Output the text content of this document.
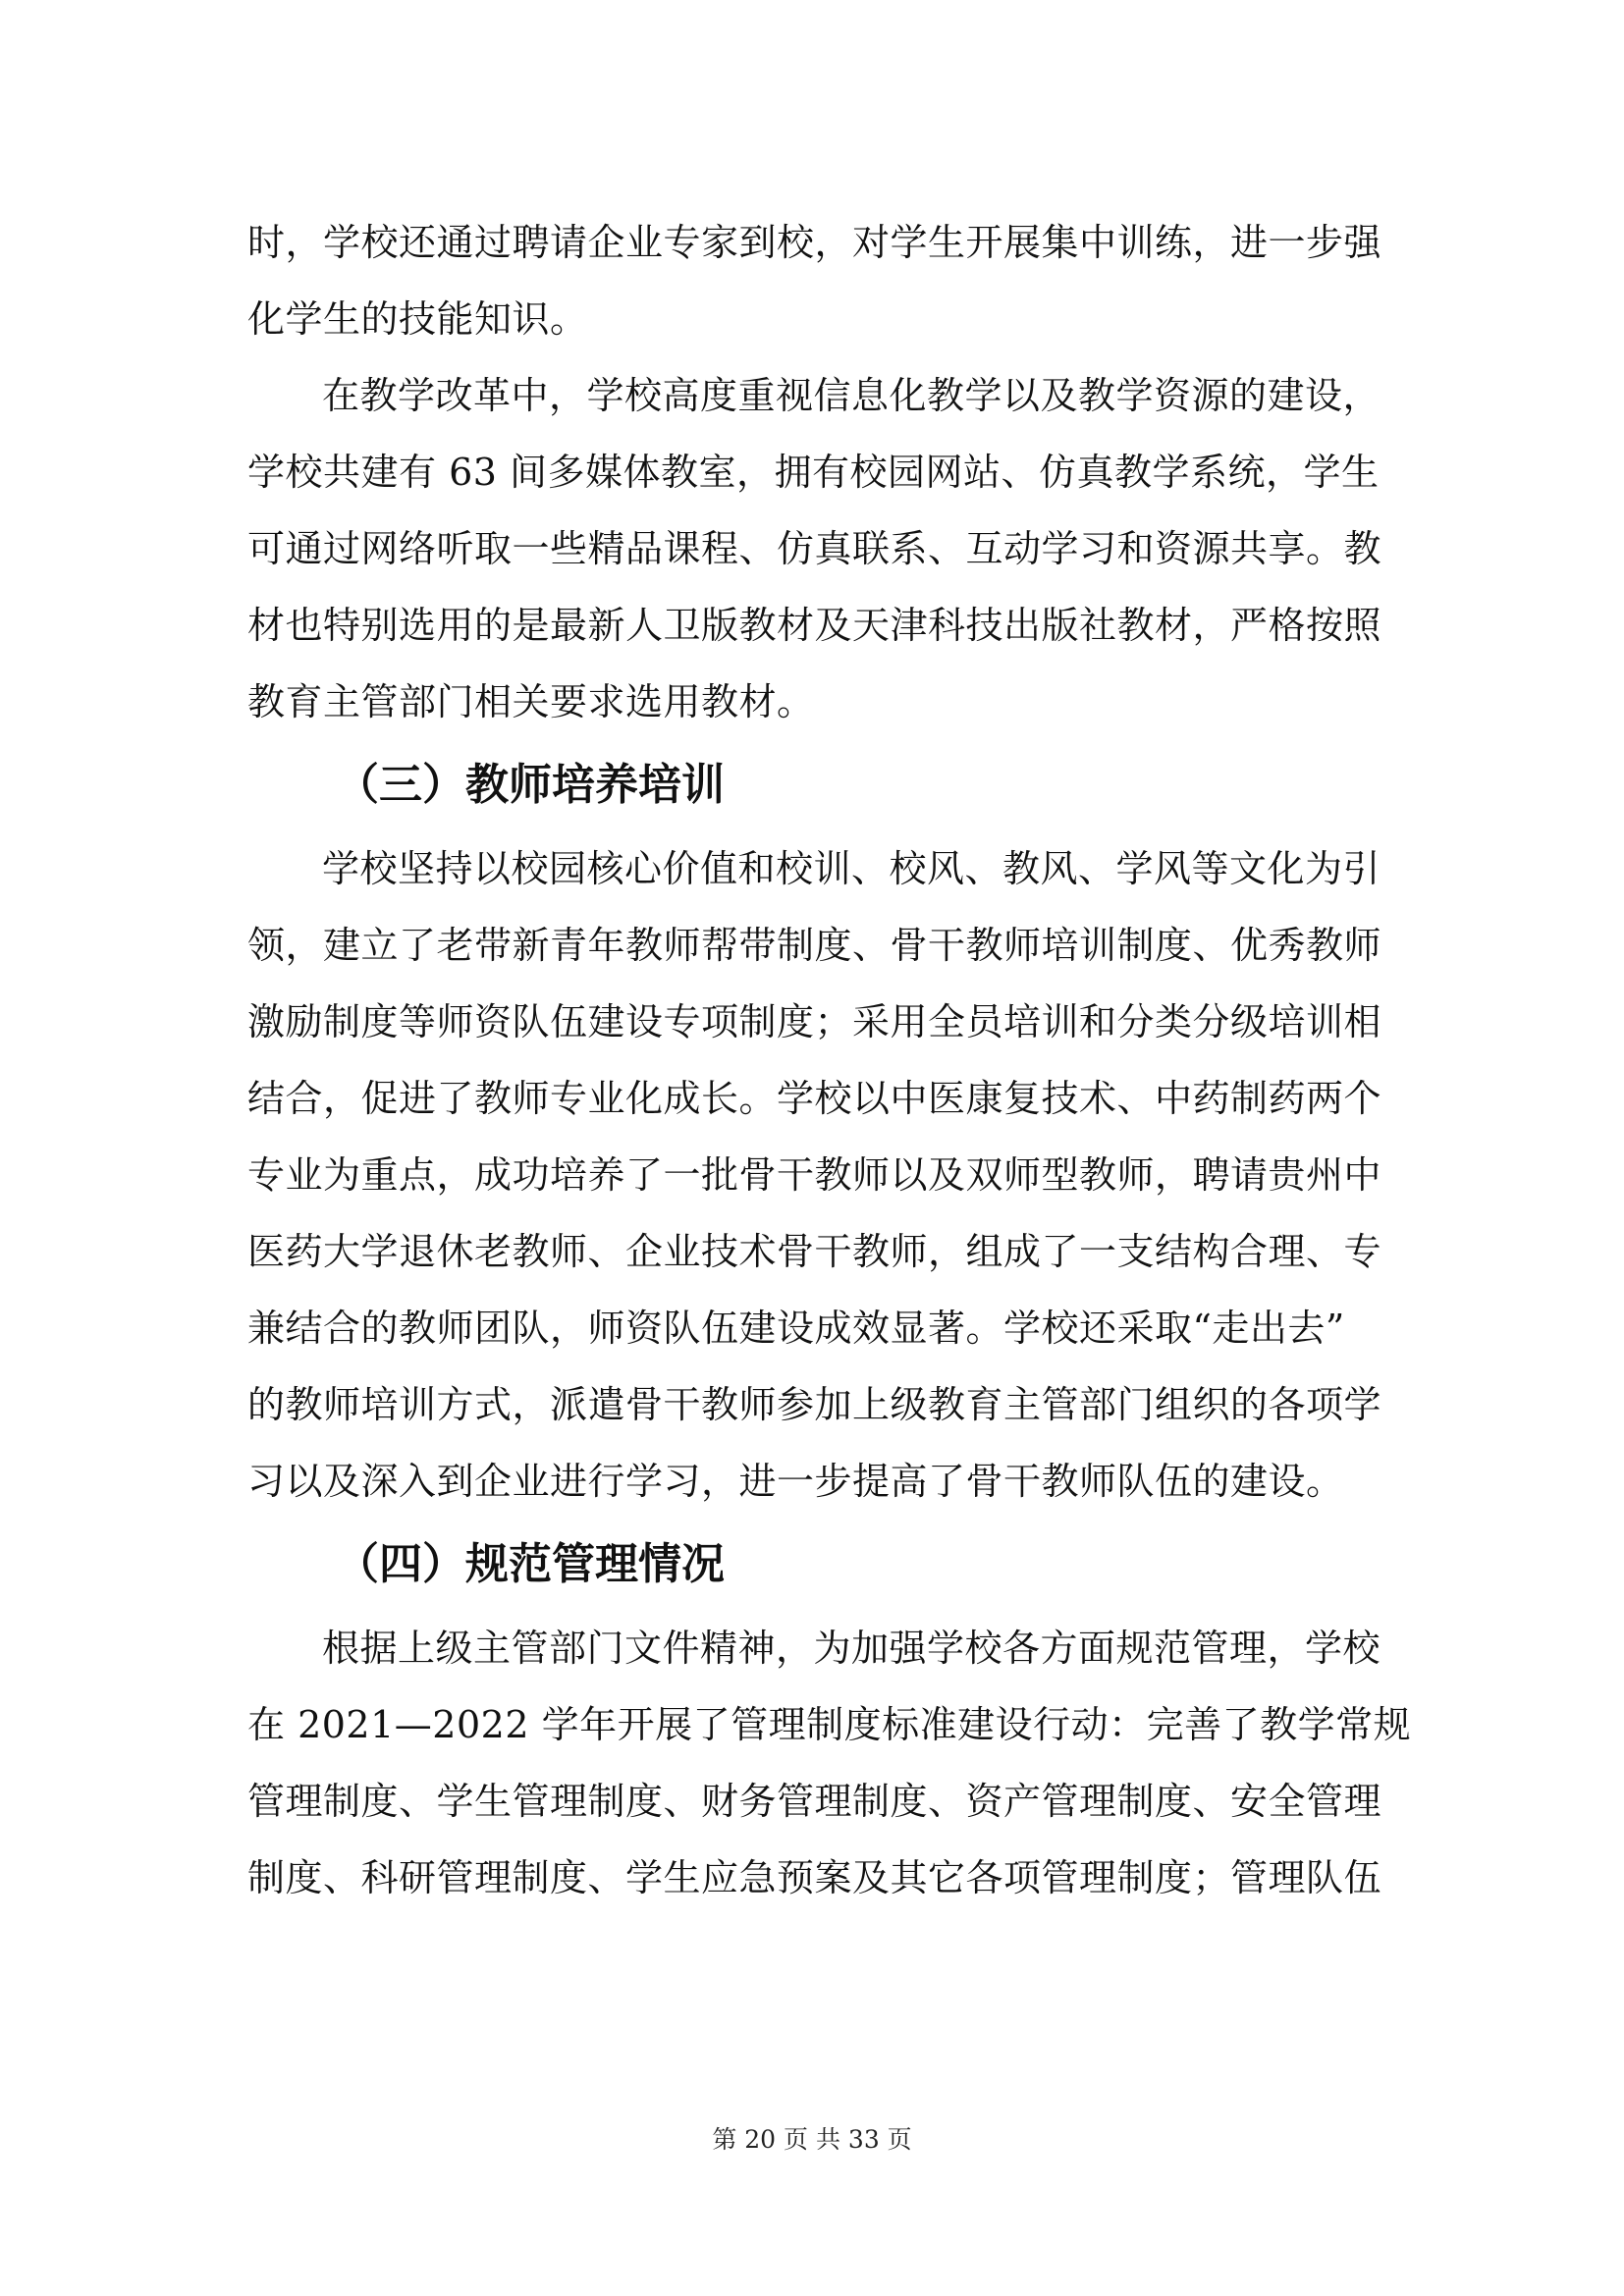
时，学校还通过聘请企业专家到校，对学生开展集中训练，进一步强
化学生的技能知识。
在教学改革中，学校高度重视信息化教学以及教学资源的建设，
学校共建有 63 间多媒体教室，拥有校园网站、仿真教学系统，学生
可通过网络听取一些精品课程、仿真联系、互动学习和资源共享。教
材也特别选用的是最新人卫版教材及天津科技出版社教材，严格按照
教育主管部门相关要求选用教材。
（三）教师培养培训
学校坚持以校园核心价值和校训、校风、教风、学风等文化为引
领，建立了老带新青年教师帮带制度、骨干教师培训制度、优秀教师
激励制度等师资队伍建设专项制度；采用全员培训和分类分级培训相
结合，促进了教师专业化成长。学校以中医康复技术、中药制药两个
专业为重点，成功培养了一批骨干教师以及双师型教师，聘请贵州中
医药大学退休老教师、企业技术骨干教师，组成了一支结构合理、专
兼结合的教师团队，师资队伍建设成效显著。学校还采取“走出去”
的教师培训方式，派遣骨干教师参加上级教育主管部门组织的各项学
习以及深入到企业进行学习，进一步提高了骨干教师队伍的建设。
（四）规范管理情况
根据上级主管部门文件精神，为加强学校各方面规范管理，学校
在 2021—2022 学年开展了管理制度标准建设行动：完善了教学常规
管理制度、学生管理制度、财务管理制度、资产管理制度、安全管理
制度、科研管理制度、学生应急预案及其它各项管理制度；管理队伍
第 20 页 共 33 页
